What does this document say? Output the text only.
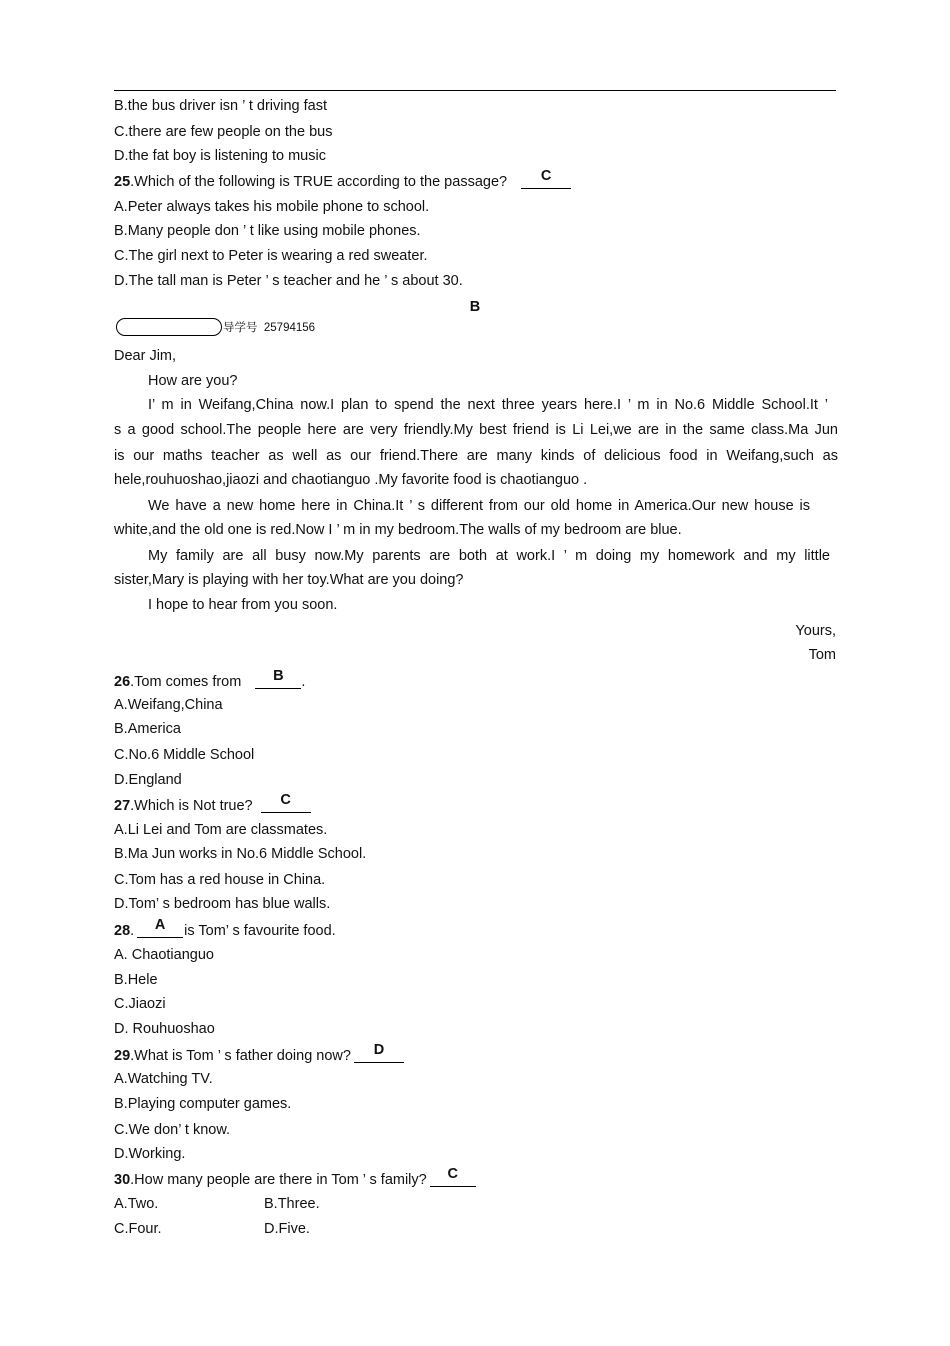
B.the bus driver isn ’ t driving fast
C.there are few people on the bus
D.the fat boy is listening to music
25.Which of the following is TRUE according to the passage?	C
A.Peter always takes his mobile phone to school.
B.Many people don ’ t like using mobile phones.
C.The girl next to Peter is wearing a red sweater.
D.The tall man is Peter ’ s teacher and he ’ s about 30.
B
导学号 25794156
Dear Jim,
How are you?
I’ m in Weifang,China now.I plan to spend the next three years here.I ’ m in No.6 Middle School.It ’
s a good school.The people here are very friendly.My best friend is Li Lei,we are in the same class.Ma Jun
is our maths teacher as well as our friend.There are many kinds of delicious food in Weifang,such as
hele,rouhuoshao,jiaozi and chaotianguo .My favorite food is chaotianguo .
We have a new home here in China.It ’ s different from our old home in America.Our new house is
white,and the old one is red.Now I ’ m in my bedroom.The walls of my bedroom are blue.
My family are all busy now.My parents are both at work.I ’ m doing my homework and my little
sister,Mary is playing with her toy.What are you doing?
I hope to hear from you soon.
Yours,
Tom
26.Tom comes from	B	.
A.Weifang,China
B.America
C.No.6 Middle School
D.England
27.Which is Not true?	C
A.Li Lei and Tom are classmates.
B.Ma Jun works in No.6 Middle School.
C.Tom has a red house in China.
D.Tom’ s bedroom has blue walls.
28.	A	is Tom’ s favourite food.
A. Chaotianguo
B.Hele
C.Jiaozi
D. Rouhuoshao
29.What is Tom ’ s father doing now?	D
A.Watching TV.
B.Playing computer games.
C.We don’ t know.
D.Working.
30.How many people are there in Tom ’ s family?	C
A.Two.	B.Three.
C.Four.	D.Five.
